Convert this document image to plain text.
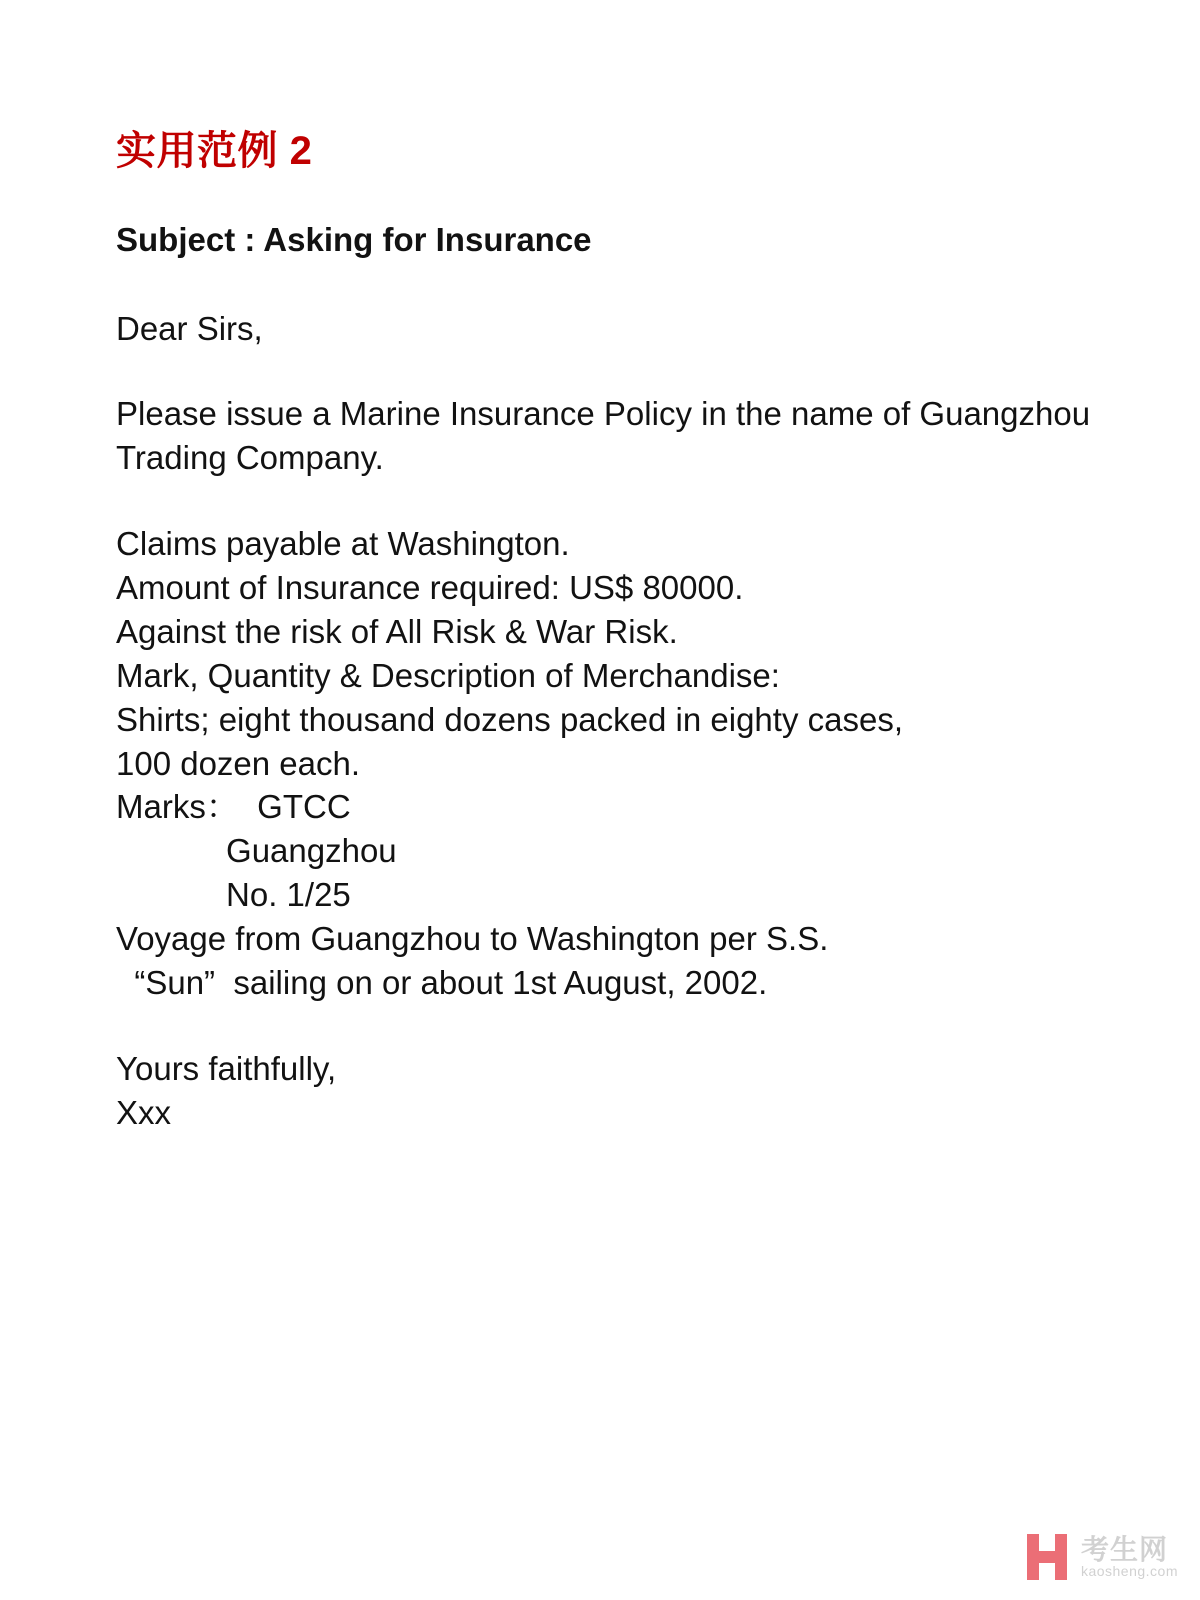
实用范例 2

Subject : Asking for Insurance

Dear Sirs,

Please issue a Marine Insurance Policy in the name of Guangzhou Trading Company.

Claims payable at Washington.
Amount of Insurance required: US$ 80000.
Against the risk of All Risk & War Risk.
Mark, Quantity & Description of Merchandise:
Shirts; eight thousand dozens packed in eighty cases,
100 dozen each.
Marks：  GTCC
Guangzhou
No. 1/25
Voyage from Guangzhou to Washington per S.S.
“Sun”  sailing on or about 1st August, 2002.
Yours faithfully,
Xxx
考生网
kaosheng.com
